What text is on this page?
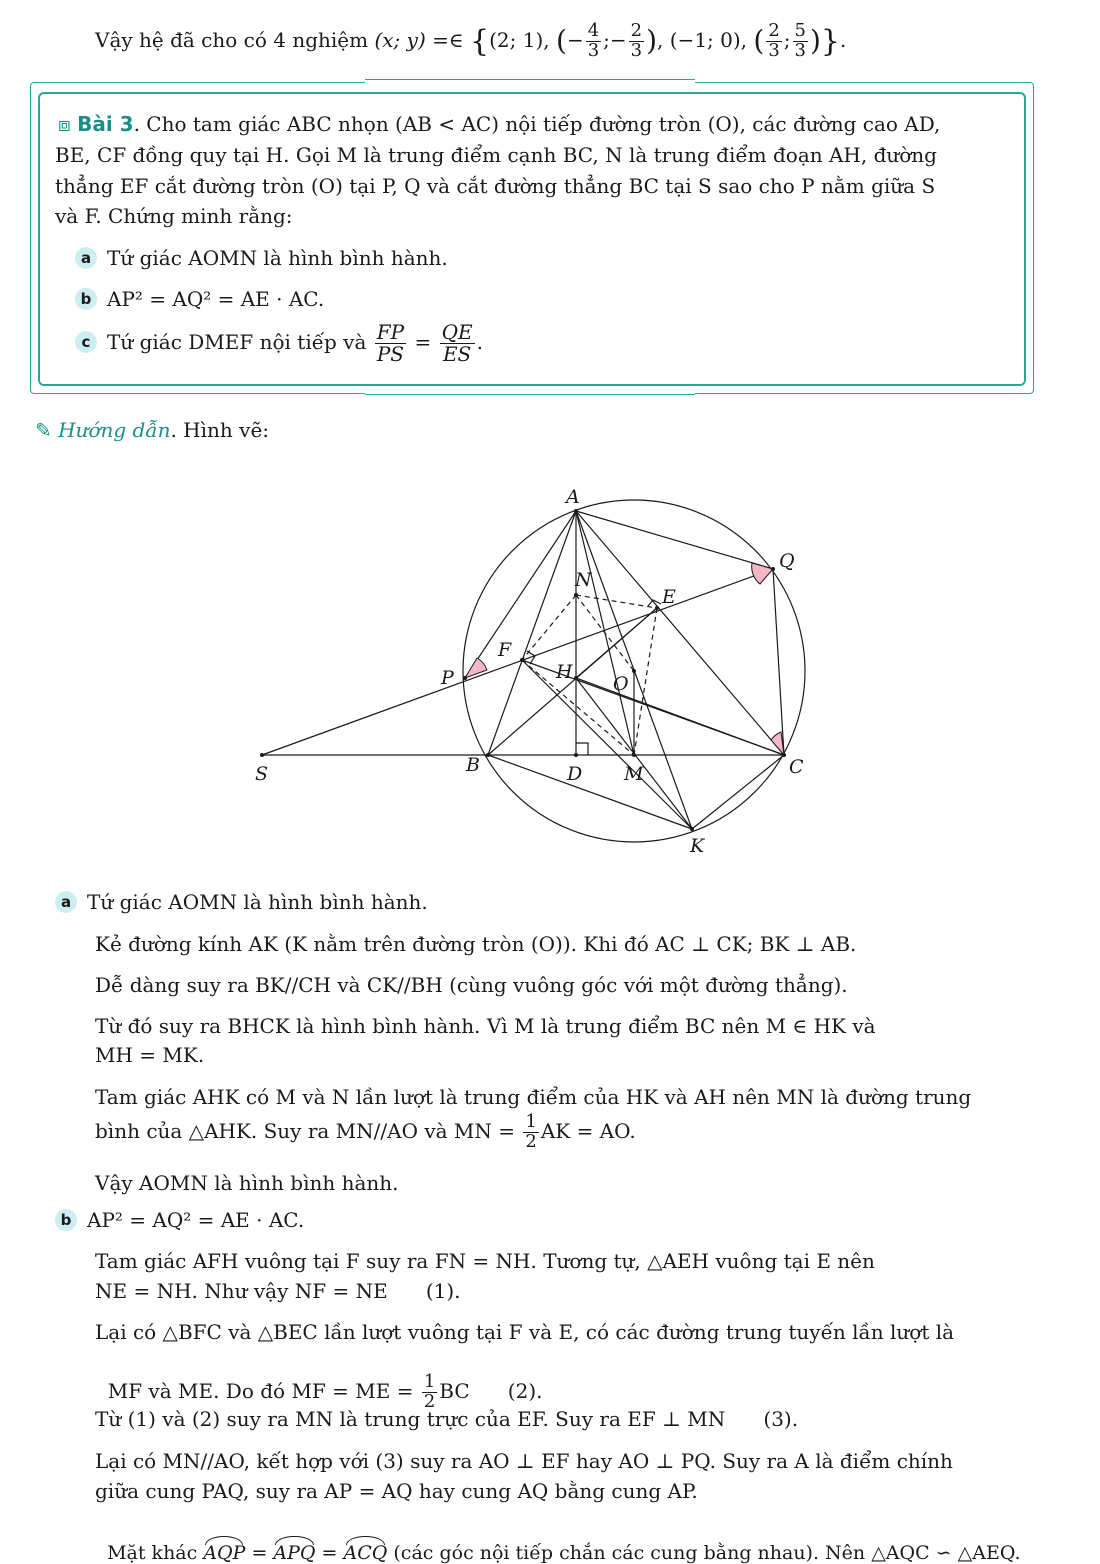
Vậy hệ đã cho có 4 nghiệm (x; y) =∈ {(2; 1), (− $\frac{4}{3}$ ;− $\frac{2}{3}$ ), (−1; 0), ( $\frac{2}{3}$ ; $\frac{5}{3}$ )}.
⧈ Bài 3. Cho tam giác ABC nhọn (AB < AC) nội tiếp đường tròn (O), các đường cao AD,
BE, CF đồng quy tại H. Gọi M là trung điểm cạnh BC, N là trung điểm đoạn AH, đường
thẳng EF cắt đường tròn (O) tại P, Q và cắt đường thẳng BC tại S sao cho P nằm giữa S
và F. Chứng minh rằng:
a Tứ giác AOMN là hình bình hành.
b AP² = AQ² = AE · AC.
c Tứ giác DMEF nội tiếp và $\frac{FP}{PS} = \frac{QE}{ES}$ .
✎ Hướng dẫn. Hình vẽ:
A
Q
N
E
F
H
O
P
S	B	D M	C
K
a Tứ giác AOMN là hình bình hành.
Kẻ đường kính AK (K nằm trên đường tròn (O)). Khi đó AC ⊥ CK; BK ⊥ AB.
Dễ dàng suy ra BK//CH và CK//BH (cùng vuông góc với một đường thẳng).
Từ đó suy ra BHCK là hình bình hành. Vì M là trung điểm BC nên M ∈ HK và
MH = MK.
Tam giác AHK có M và N lần lượt là trung điểm của HK và AH nên MN là đường trung
bình của △AHK. Suy ra MN//AO và MN = $\frac{1}{2}$ AK = AO.
Vậy AOMN là hình bình hành.
b AP² = AQ² = AE · AC.
Tam giác AFH vuông tại F suy ra FN = NH. Tương tự, △AEH vuông tại E nên
NE = NH. Như vậy NF = NE      (1).
Lại có △BFC và △BEC lần lượt vuông tại F và E, có các đường trung tuyến lần lượt là

MF và ME. Do đó MF = ME = $\frac{1}{2}$ BC      (2).

Từ (1) và (2) suy ra MN là trung trực của EF. Suy ra EF ⊥ MN      (3).
Lại có MN//AO, kết hợp với (3) suy ra AO ⊥ EF hay AO ⊥ PQ. Suy ra A là điểm chính
giữa cung PAQ, suy ra AP = AQ hay cung AQ bằng cung AP.

Mặt khác AQP = APQ = ACQ (các góc nội tiếp chắn các cung bằng nhau). Nên △AQC ∽ △AEQ.
